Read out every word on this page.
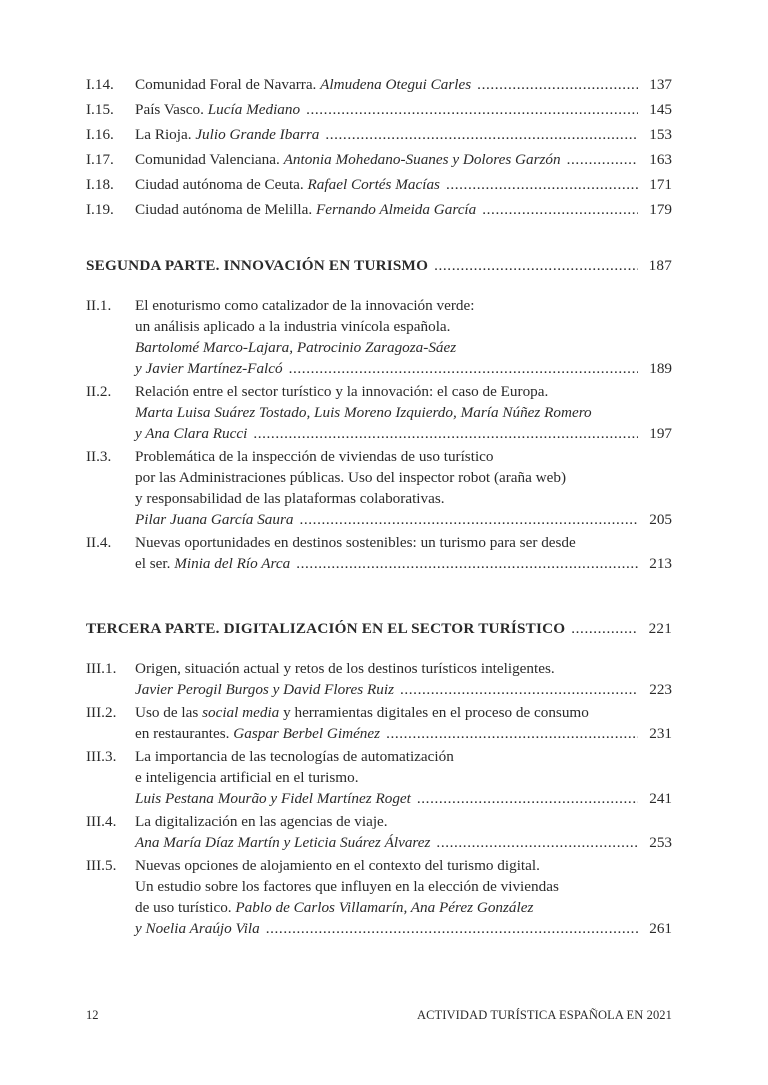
I.14.	Comunidad Foral de Navarra. Almudena Otegui Carles .....	137
I.15.	País Vasco. Lucía Mediano .....	145
I.16.	La Rioja. Julio Grande Ibarra .....	153
I.17.	Comunidad Valenciana. Antonia Mohedano-Suanes y Dolores Garzón .....	163
I.18.	Ciudad autónoma de Ceuta. Rafael Cortés Macías .....	171
I.19.	Ciudad autónoma de Melilla. Fernando Almeida García .....	179
SEGUNDA PARTE. INNOVACIÓN EN TURISMO .....	187
II.1.	El enoturismo como catalizador de la innovación verde:
un análisis aplicado a la industria vinícola española.
Bartolomé Marco-Lajara, Patrocinio Zaragoza-Sáez
y Javier Martínez-Falcó .....	189
II.2.	Relación entre el sector turístico y la innovación: el caso de Europa.
Marta Luisa Suárez Tostado, Luis Moreno Izquierdo, María Núñez Romero
y Ana Clara Rucci .....	197
II.3.	Problemática de la inspección de viviendas de uso turístico
por las Administraciones públicas. Uso del inspector robot (araña web)
y responsabilidad de las plataformas colaborativas.
Pilar Juana García Saura .....	205
II.4.	Nuevas oportunidades en destinos sostenibles: un turismo para ser desde
el ser. Minia del Río Arca .....	213
TERCERA PARTE. DIGITALIZACIÓN EN EL SECTOR TURÍSTICO .....	221
III.1.	Origen, situación actual y retos de los destinos turísticos inteligentes.
Javier Perogil Burgos y David Flores Ruiz .....	223
III.2.	Uso de las social media y herramientas digitales en el proceso de consumo
en restaurantes. Gaspar Berbel Giménez .....	231
III.3.	La importancia de las tecnologías de automatización
e inteligencia artificial en el turismo.
Luis Pestana Mourão y Fidel Martínez Roget .....	241
III.4.	La digitalización en las agencias de viaje.
Ana María Díaz Martín y Leticia Suárez Álvarez .....	253
III.5.	Nuevas opciones de alojamiento en el contexto del turismo digital.
Un estudio sobre los factores que influyen en la elección de viviendas
de uso turístico. Pablo de Carlos Villamarín, Ana Pérez González
y Noelia Araújo Vila .....	261
12	ACTIVIDAD TURÍSTICA ESPAÑOLA EN 2021
